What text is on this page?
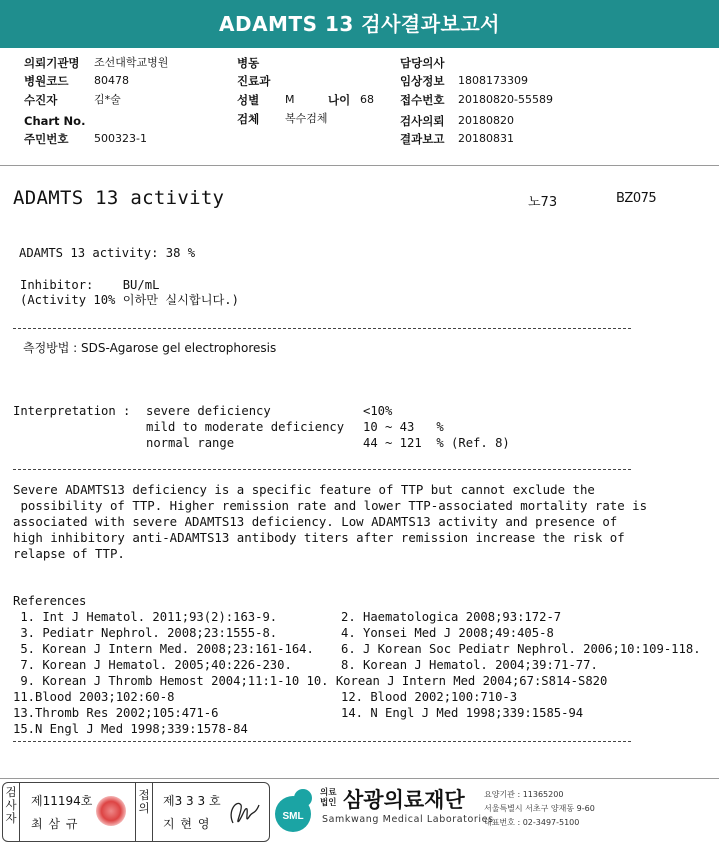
ADAMTS 13 검사결과보고서
의뢰기관명 조선대학교병원
병원코드 80478
수진자	김*술
Chart No.
주민번호 500323-1
병동
진료과
성별 M	나이 68
검체 복수검체
담당의사
임상정보 1808173309
접수번호 20180820-55589
검사의뢰 20180820
결과보고 20180831
ADAMTS 13 activity	노73	BZ075
ADAMTS 13 activity: 38 %
Inhibitor:    BU/mL
(Activity 10% 이하만 실시합니다.)
측정방법 : SDS-Agarose gel electrophoresis
Interpretation : severe deficiency	<10%
mild to moderate deficiency 10 ~ 43   %
normal range	44 ~ 121  % (Ref. 8)
Severe ADAMTS13 deficiency is a specific feature of TTP but cannot exclude the
possibility of TTP. Higher remission rate and lower TTP-associated mortality rate is
associated with severe ADAMTS13 deficiency. Low ADAMTS13 activity and presence of
high inhibitory anti-ADAMTS13 antibody titers after remission increase the risk of
relapse of TTP.
References
1. Int J Hematol. 2011;93(2):163-9.	2. Haematologica 2008;93:172-7
3. Pediatr Nephrol. 2008;23:1555-8.	4. Yonsei Med J 2008;49:405-8
5. Korean J Intern Med. 2008;23:161-164. 6. J Korean Soc Pediatr Nephrol. 2006;10:109-118.
7. Korean J Hematol. 2005;40:226-230.	8. Korean J Hematol. 2004;39:71-77.
9. Korean J Thromb Hemost 2004;11:1-10 10. Korean J Intern Med 2004;67:S814-S820
11.Blood 2003;102:60-8	12. Blood 2002;100:710-3
13.Thromb Res 2002;105:471-6	14. N Engl J Med 1998;339:1585-94
15.N Engl J Med 1998;339:1578-84
검사자
제11194호
최 삼 규
접의 제3 3 3 호
지 현 영
SML
의료법인 삼광의료재단
Samkwang Medical Laboratories
요양기관 : 11365200
서울특별시 서초구 양재동 9-60
대표번호 : 02-3497-5100
